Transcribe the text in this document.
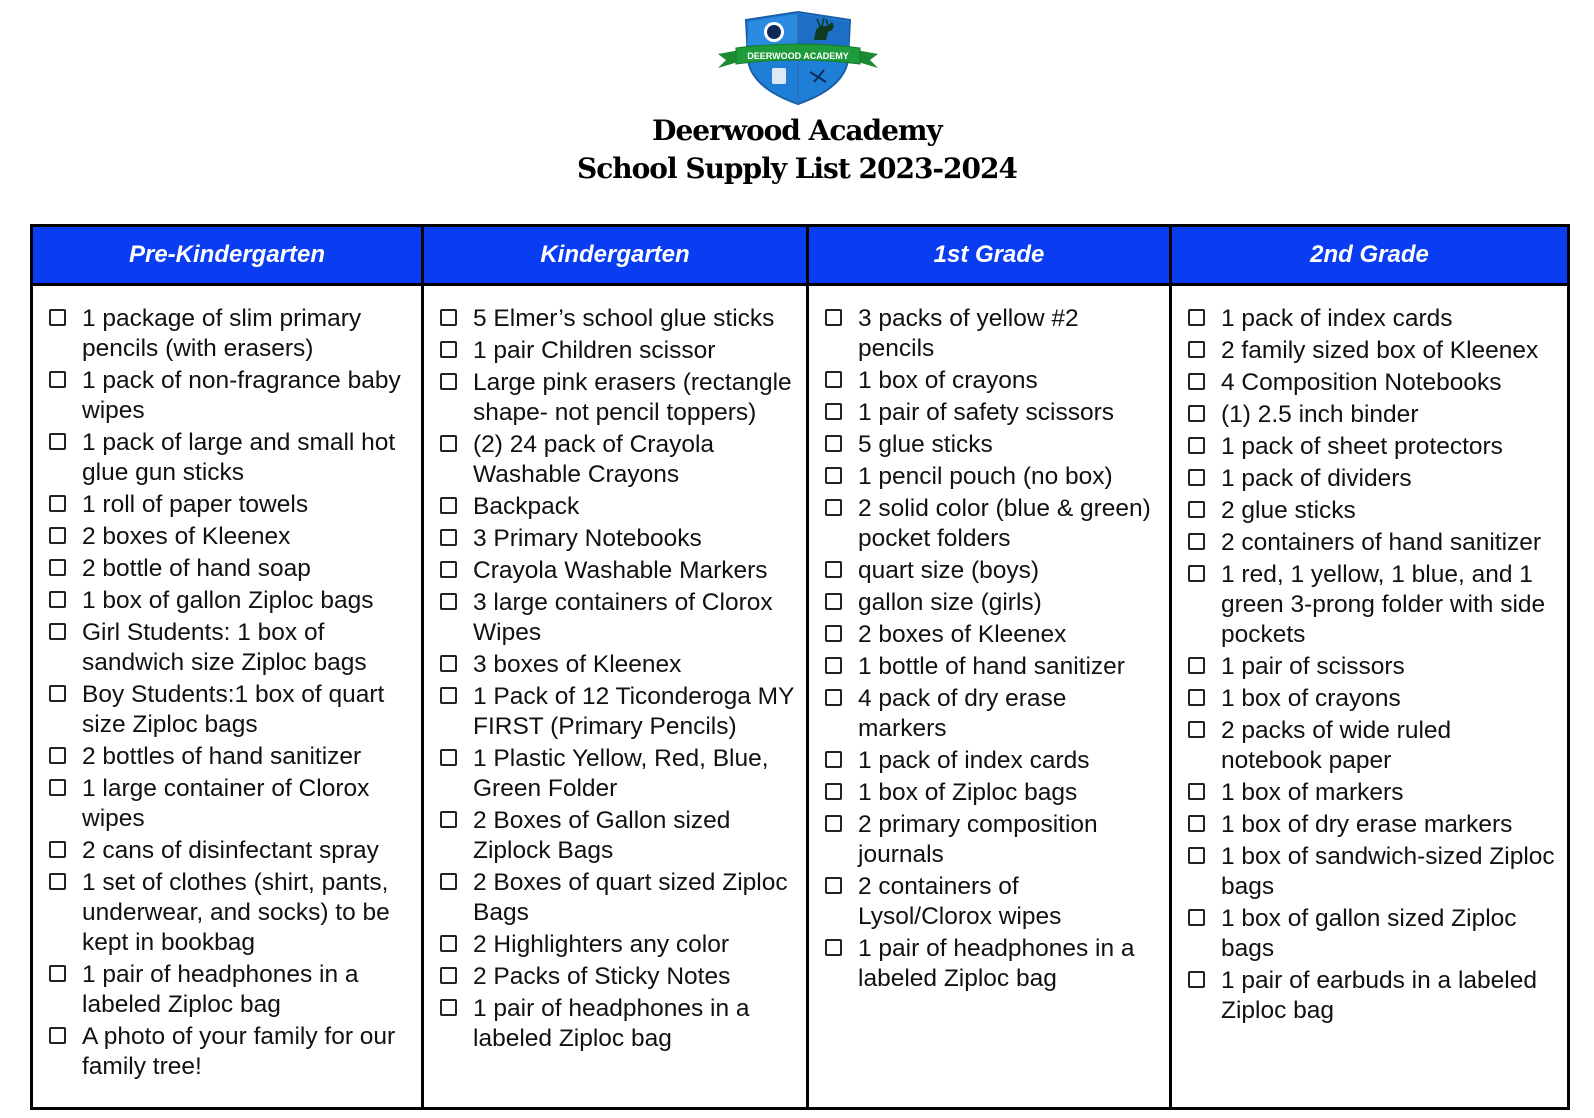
DEERWOOD ACADEMY
Deerwood Academy
School Supply List 2023-2024
Pre-Kindergarten
1 package of slim primary pencils (with erasers)
1 pack of non-fragrance baby wipes
1 pack of large and small hot glue gun sticks
1 roll of paper towels
2 boxes of Kleenex
2 bottle of hand soap
1 box of gallon Ziploc bags
Girl Students: 1 box of sandwich size Ziploc bags
Boy Students:1 box of quart size Ziploc bags
2 bottles of hand sanitizer
1 large container of Clorox wipes
2 cans of disinfectant spray
1 set of clothes (shirt, pants, underwear, and socks) to be kept in bookbag
1 pair of headphones in a labeled Ziploc bag
A photo of your family for our family tree!
Kindergarten
5 Elmer’s school glue sticks
1 pair Children scissor
Large pink erasers (rectangle shape- not pencil toppers)
(2) 24 pack of Crayola Washable Crayons
Backpack
3 Primary Notebooks
Crayola Washable Markers
3 large containers of Clorox Wipes
3 boxes of Kleenex
1 Pack of 12 Ticonderoga MY FIRST (Primary Pencils)
1 Plastic Yellow, Red, Blue, Green Folder
2 Boxes of Gallon sized Ziplock Bags
2 Boxes of quart sized Ziploc Bags
2 Highlighters any color
2 Packs of Sticky Notes
1 pair of headphones in a labeled Ziploc bag
1st Grade
3 packs of yellow #2 pencils
1 box of crayons
1 pair of safety scissors
5 glue sticks
1 pencil pouch (no box)
2 solid color (blue & green) pocket folders
quart size (boys)
gallon size (girls)
2 boxes of Kleenex
1 bottle of hand sanitizer
4 pack of dry erase markers
1 pack of index cards
1 box of Ziploc bags
2 primary composition journals
2 containers of Lysol/Clorox wipes
1 pair of headphones in a labeled Ziploc bag
2nd Grade
1 pack of index cards
2 family sized box of Kleenex
4 Composition Notebooks
(1) 2.5 inch binder
1 pack of sheet protectors
1 pack of dividers
2 glue sticks
2 containers of hand sanitizer
1 red, 1 yellow, 1 blue, and 1 green 3-prong folder with side pockets
1 pair of scissors
1 box of crayons
2 packs of wide ruled notebook paper
1 box of markers
1 box of dry erase markers
1 box of sandwich-sized Ziploc bags
1 box of gallon sized Ziploc bags
1 pair of earbuds in a labeled Ziploc bag
